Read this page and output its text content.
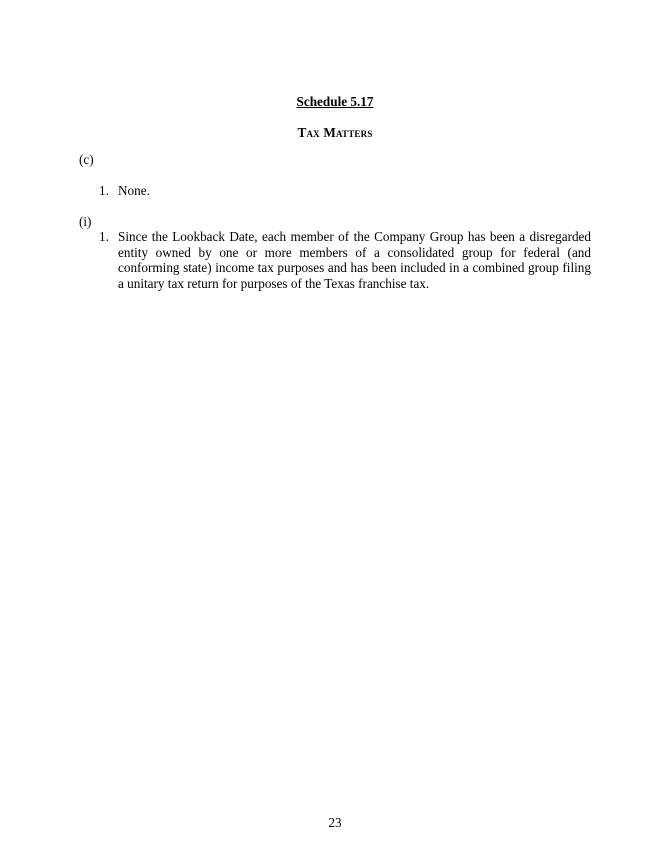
Schedule 5.17
Tax Matters
(c)
1. None.
(i)
1. Since the Lookback Date, each member of the Company Group has been a disregarded entity owned by one or more members of a consolidated group for federal (and conforming state) income tax purposes and has been included in a combined group filing a unitary tax return for purposes of the Texas franchise tax.
23
